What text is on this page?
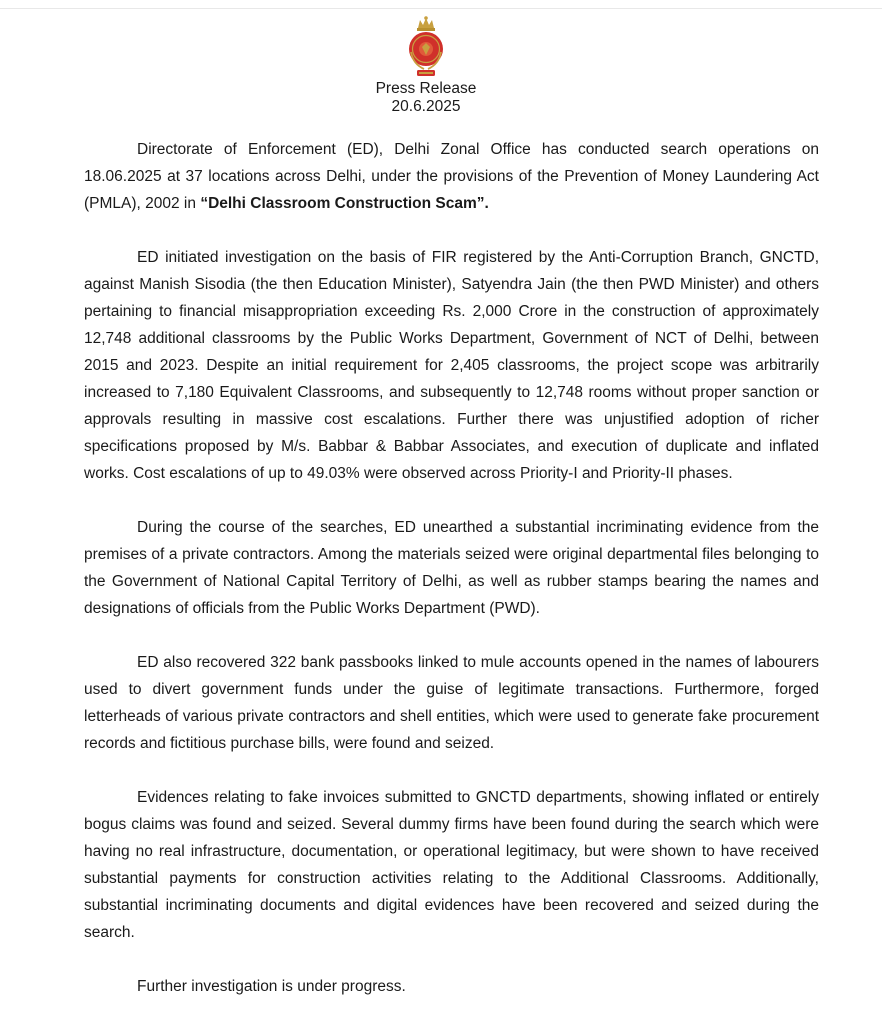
Press Release
20.6.2025

Directorate of Enforcement (ED), Delhi Zonal Office has conducted search operations on 18.06.2025 at 37 locations across Delhi, under the provisions of the Prevention of Money Laundering Act (PMLA), 2002 in “Delhi Classroom Construction Scam”.

ED initiated investigation on the basis of FIR registered by the Anti-Corruption Branch, GNCTD, against Manish Sisodia (the then Education Minister), Satyendra Jain (the then PWD Minister) and others pertaining to financial misappropriation exceeding Rs. 2,000 Crore in the construction of approximately 12,748 additional classrooms by the Public Works Department, Government of NCT of Delhi, between 2015 and 2023. Despite an initial requirement for 2,405 classrooms, the project scope was arbitrarily increased to 7,180 Equivalent Classrooms, and subsequently to 12,748 rooms without proper sanction or approvals resulting in massive cost escalations. Further there was unjustified adoption of richer specifications proposed by M/s. Babbar & Babbar Associates, and execution of duplicate and inflated works. Cost escalations of up to 49.03% were observed across Priority-I and Priority-II phases.

During the course of the searches, ED unearthed a substantial incriminating evidence from the premises of a private contractors. Among the materials seized were original departmental files belonging to the Government of National Capital Territory of Delhi, as well as rubber stamps bearing the names and designations of officials from the Public Works Department (PWD).

ED also recovered 322 bank passbooks linked to mule accounts opened in the names of labourers used to divert government funds under the guise of legitimate transactions. Furthermore, forged letterheads of various private contractors and shell entities, which were used to generate fake procurement records and fictitious purchase bills, were found and seized.

Evidences relating to fake invoices submitted to GNCTD departments, showing inflated or entirely bogus claims was found and seized. Several dummy firms have been found during the search which were having no real infrastructure, documentation, or operational legitimacy, but were shown to have received substantial payments for construction activities relating to the Additional Classrooms. Additionally, substantial incriminating documents and digital evidences have been recovered and seized during the search.

Further investigation is under progress.
